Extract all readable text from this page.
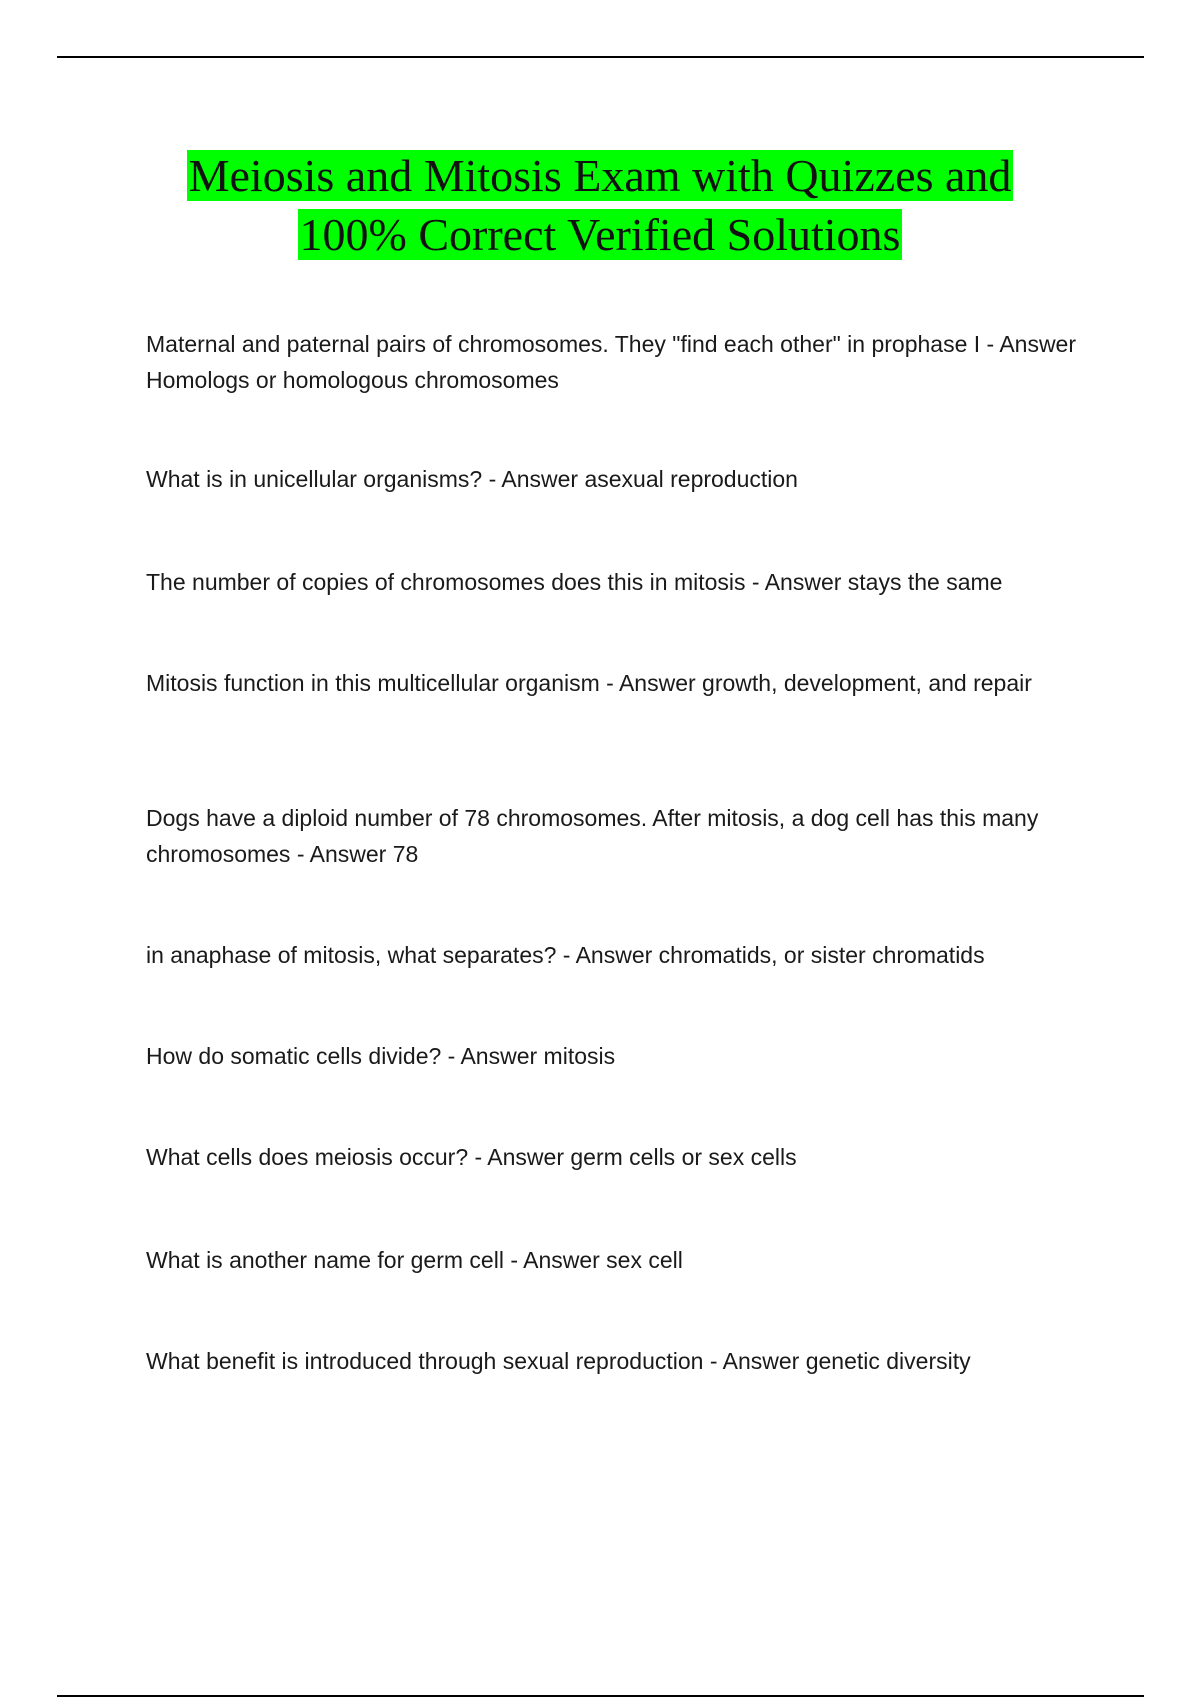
Meiosis and Mitosis Exam with Quizzes and
100% Correct Verified Solutions
Maternal and paternal pairs of chromosomes. They "find each other" in prophase I - Answer Homologs or homologous chromosomes
What is in unicellular organisms? - Answer asexual reproduction
The number of copies of chromosomes does this in mitosis - Answer stays the same
Mitosis function in this multicellular organism - Answer growth, development, and repair
Dogs have a diploid number of 78 chromosomes. After mitosis, a dog cell has this many chromosomes - Answer 78
in anaphase of mitosis, what separates? - Answer chromatids, or sister chromatids
How do somatic cells divide? - Answer mitosis
What cells does meiosis occur? - Answer germ cells or sex cells
What is another name for germ cell - Answer sex cell
What benefit is introduced through sexual reproduction - Answer genetic diversity
